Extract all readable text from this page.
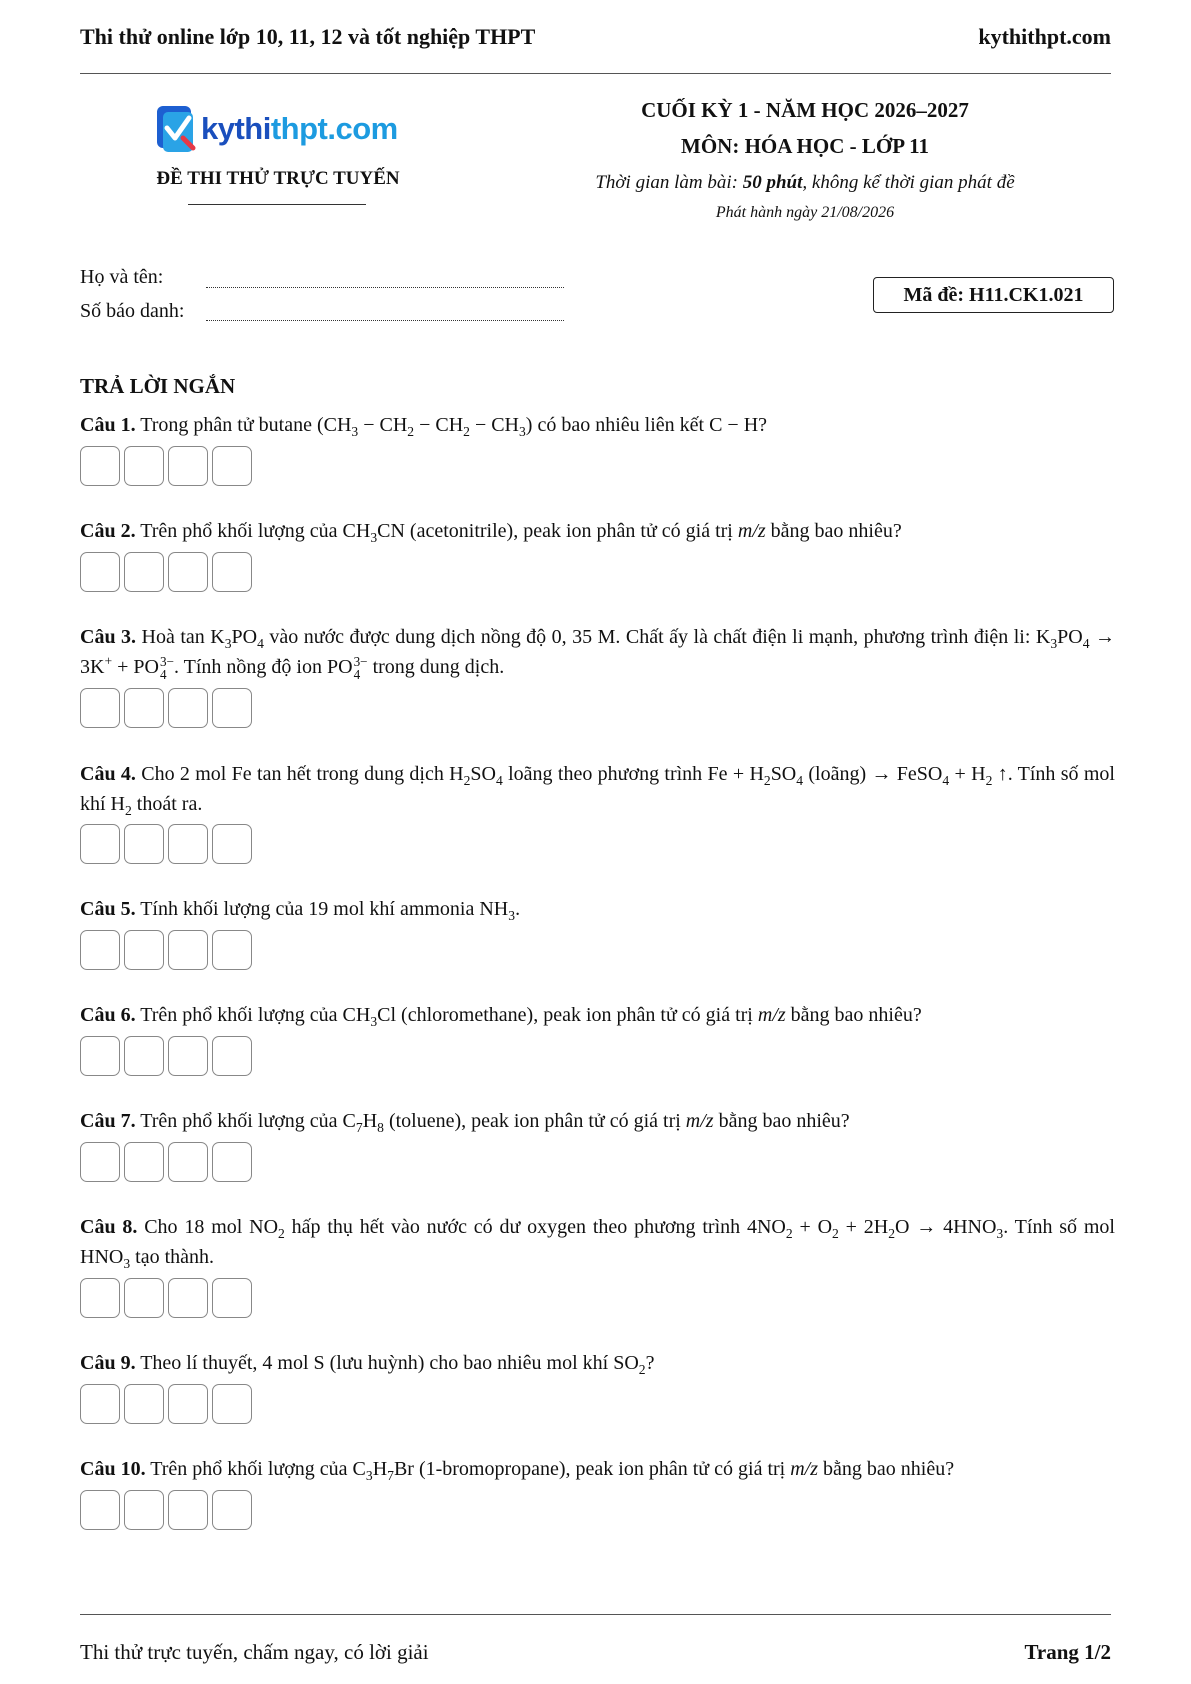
Thi thử online lớp 10, 11, 12 và tốt nghiệp THPT	kythithpt.com
kythithpt.com
ĐỀ THI THỬ TRỰC TUYẾN
CUỐI KỲ 1 - NĂM HỌC 2026–2027
MÔN: HÓA HỌC - LỚP 11
Thời gian làm bài: 50 phút, không kể thời gian phát đề
Phát hành ngày 21/08/2026
Họ và tên:
Số báo danh:
Mã đề: H11.CK1.021
TRẢ LỜI NGẮN
Câu 1. Trong phân tử butane $(CH_3 - CH_2 - CH_2 - CH_3)$ có bao nhiêu liên kết C − H?
Câu 2. Trên phổ khối lượng của $CH_3CN$ (acetonitrile), peak ion phân tử có giá trị m/z bằng bao nhiêu?
Câu 3. Hoà $\tan K_3PO_4$ vào nước được dung dịch nồng độ 0, 35 M. Chất ấy là chất điện li mạnh, phương trình điện li: $K_3PO_4 \to 3K^+$ + PO 3−
4 . Tính nồng độ ion PO 3−
4 trong dung dịch.
Câu 4. Cho 2 mol Fe tan hết trong dung dịch $H_2SO_4$ loãng theo phương trình $Fe + H_2SO_4$ (loãng) → FeSO$_4$ + $H_2$ ↑. Tính số mol khí $H_2$ thoát ra.
Câu 5. Tính khối lượng của 19 mol khí ammonia $NH_3$.
Câu 6. Trên phổ khối lượng của $CH_3Cl$ (chloromethane), peak ion phân tử có giá trị m/z bằng bao nhiêu?
Câu 7. Trên phổ khối lượng của $C_7H_8$ (toluene), peak ion phân tử có giá trị m/z bằng bao nhiêu?
Câu 8. Cho 18 mol $NO_2$ hấp thụ hết vào nước có dư oxygen theo phương trình $4NO_2 + O_2 + 2H_2O \to 4HNO_3$. Tính số mol $HNO_3$ tạo thành.
Câu 9. Theo lí thuyết, 4 mol S (lưu huỳnh) cho bao nhiêu mol khí $SO_2$?
Câu 10. Trên phổ khối lượng của $C_3H_7Br$ (1-bromopropane), peak ion phân tử có giá trị m/z bằng bao nhiêu?
Thi thử trực tuyến, chấm ngay, có lời giải	Trang 1/2
